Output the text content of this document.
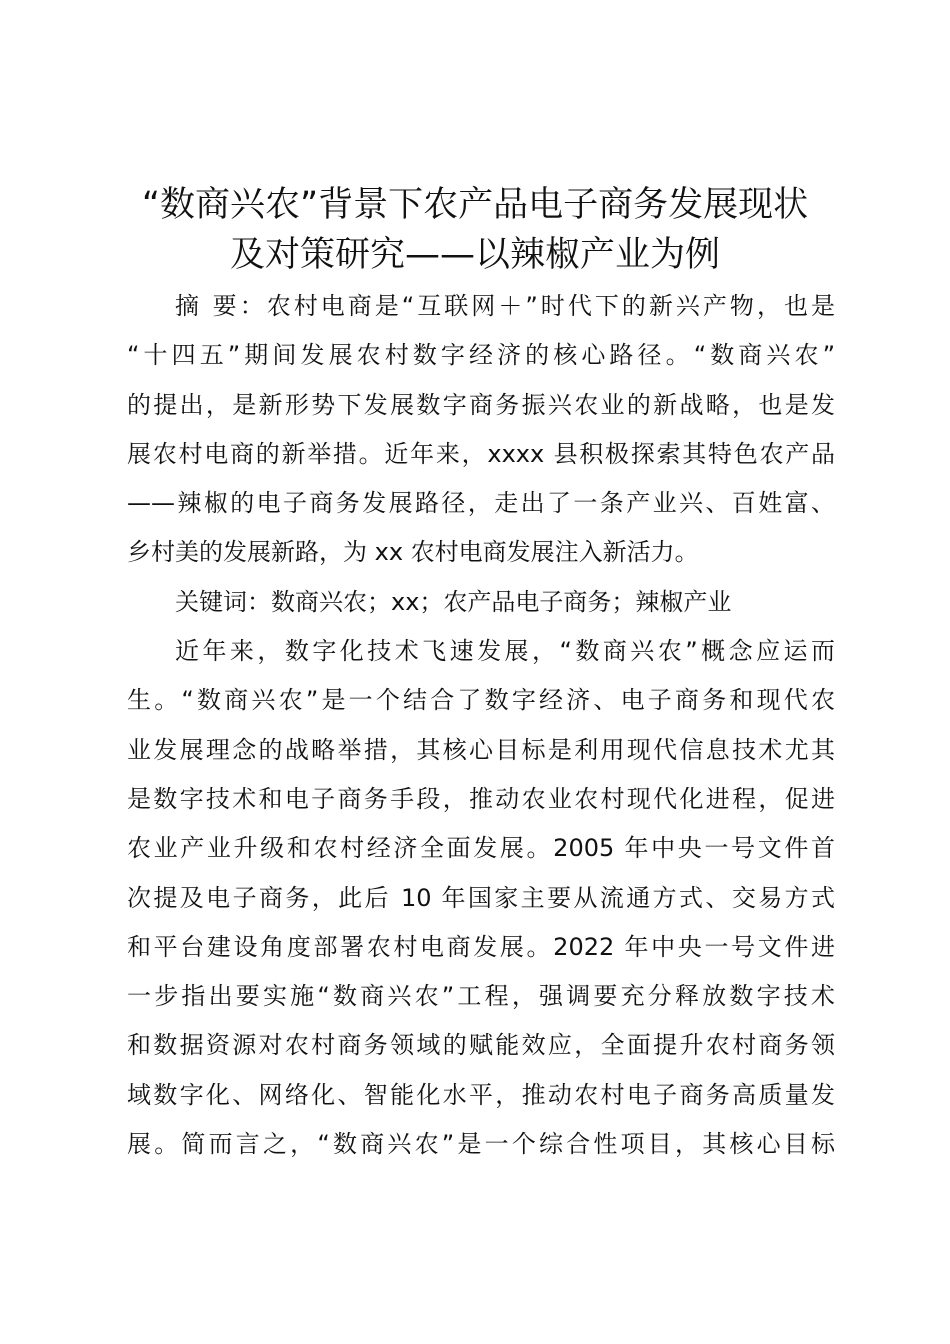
“数商兴农”背景下农产品电子商务发展现状
及对策研究——以辣椒产业为例
摘 要：农村电商是“互联网＋”时代下的新兴产物，也是
“十四五”期间发展农村数字经济的核心路径。“数商兴农”
的提出，是新形势下发展数字商务振兴农业的新战略，也是发
展农村电商的新举措。近年来，xxxx 县积极探索其特色农产品
——辣椒的电子商务发展路径，走出了一条产业兴、百姓富、
乡村美的发展新路，为 xx 农村电商发展注入新活力。
关键词：数商兴农；xx；农产品电子商务；辣椒产业
近年来，数字化技术飞速发展，“数商兴农”概念应运而
生。“数商兴农”是一个结合了数字经济、电子商务和现代农
业发展理念的战略举措，其核心目标是利用现代信息技术尤其
是数字技术和电子商务手段，推动农业农村现代化进程，促进
农业产业升级和农村经济全面发展。2005 年中央一号文件首
次提及电子商务，此后 10 年国家主要从流通方式、交易方式
和平台建设角度部署农村电商发展。2022 年中央一号文件进
一步指出要实施“数商兴农”工程，强调要充分释放数字技术
和数据资源对农村商务领域的赋能效应，全面提升农村商务领
域数字化、网络化、智能化水平，推动农村电子商务高质量发
展。简而言之，“数商兴农”是一个综合性项目，其核心目标
